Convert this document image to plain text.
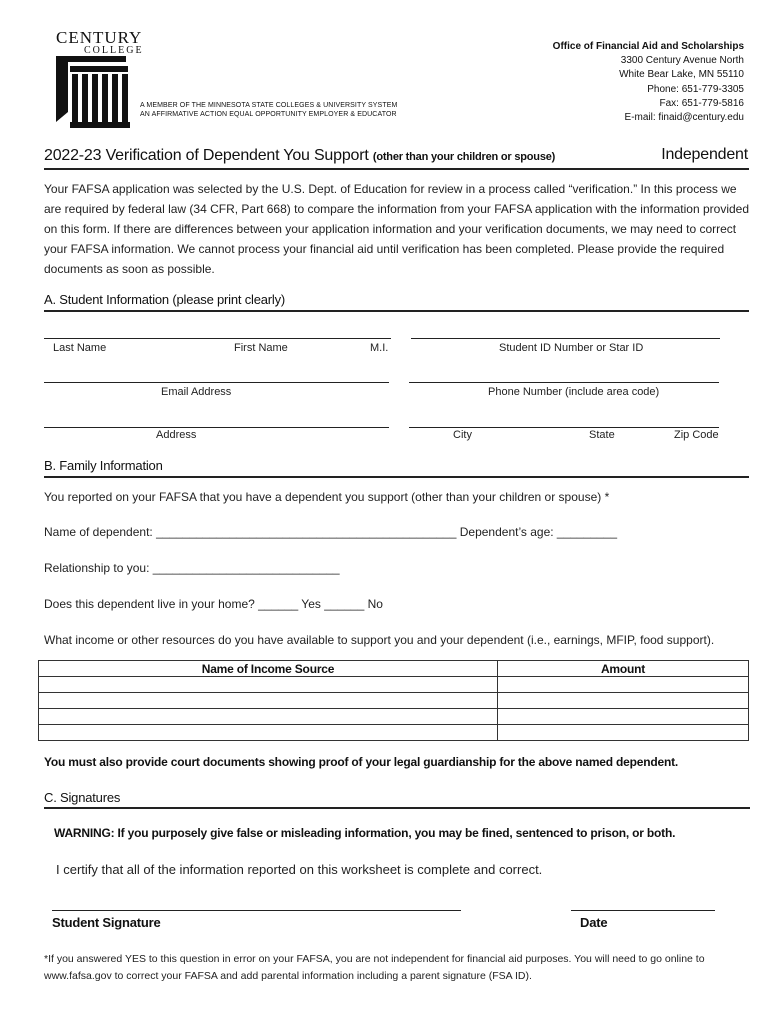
CENTURY
COLLEGE
A MEMBER OF THE MINNESOTA STATE COLLEGES & UNIVERSITY SYSTEM
AN AFFIRMATIVE ACTION EQUAL OPPORTUNITY EMPLOYER & EDUCATOR
Office of Financial Aid and Scholarships
3300 Century Avenue North
White Bear Lake, MN 55110
Phone: 651-779-3305
Fax: 651-779-5816
E-mail: finaid@century.edu
2022-23 Verification of Dependent You Support (other than your children or spouse)	Independent
Your FAFSA application was selected by the U.S. Dept. of Education for review in a process called “verification.” In this process we are required by federal law (34 CFR, Part 668) to compare the information from your FAFSA application with the information provided on this form. If there are differences between your application information and your verification documents, we may need to correct your FAFSA information. We cannot process your financial aid until verification has been completed. Please provide the required documents as soon as possible.
A. Student Information (please print clearly)
Last Name	First Name	M.I.	Student ID Number or Star ID
Email Address	Phone Number (include area code)
Address	City	State	Zip Code
B. Family Information
You reported on your FAFSA that you have a dependent you support (other than your children or spouse) *
Name of dependent: _____________________________________________ Dependent’s age: _________
Relationship to you: ____________________________
Does this dependent live in your home? ______ Yes ______ No
What income or other resources do you have available to support you and your dependent (i.e., earnings, MFIP, food support).
Name of Income Source	Amount

You must also provide court documents showing proof of your legal guardianship for the above named dependent.
C. Signatures
WARNING: If you purposely give false or misleading information, you may be fined, sentenced to prison, or both.
I certify that all of the information reported on this worksheet is complete and correct.
Student Signature	Date
*If you answered YES to this question in error on your FAFSA, you are not independent for financial aid purposes. You will need to go online to www.fafsa.gov to correct your FAFSA and add parental information including a parent signature (FSA ID).
